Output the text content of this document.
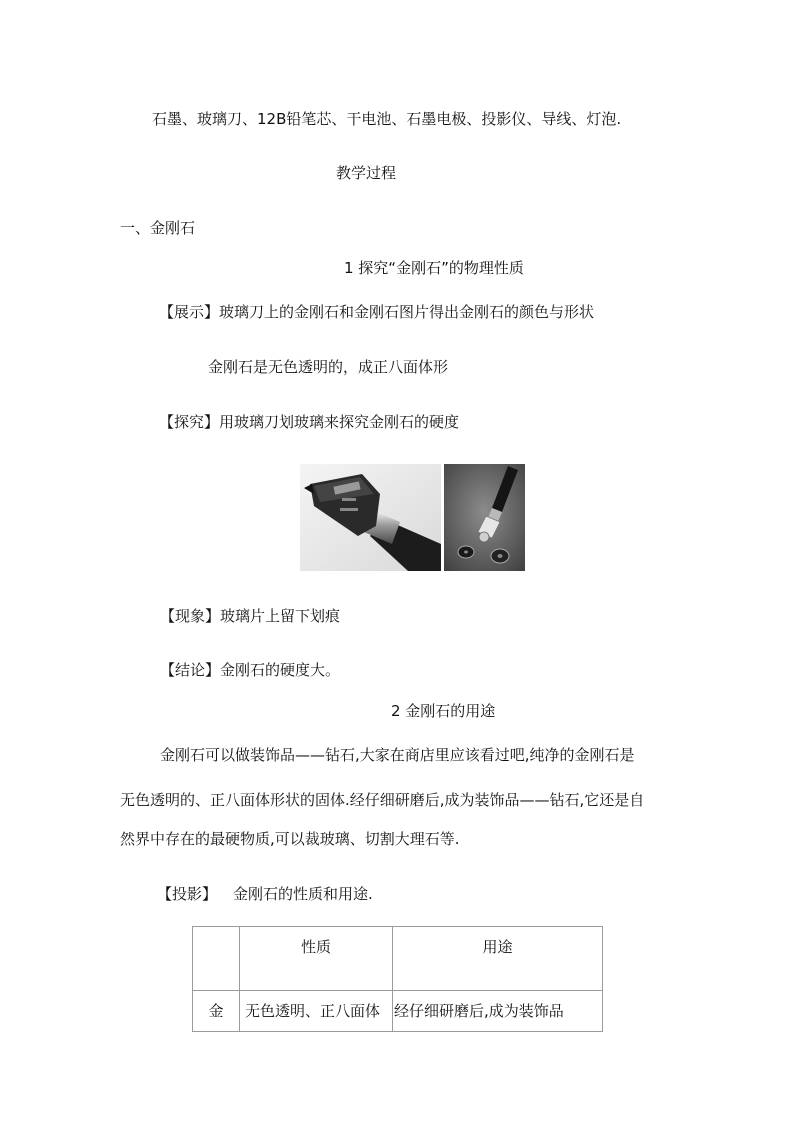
石墨、玻璃刀、12B铅笔芯、干电池、石墨电极、投影仪、导线、灯泡.
教学过程
一、金刚石
1 探究“金刚石”的物理性质
【展示】玻璃刀上的金刚石和金刚石图片得出金刚石的颜色与形状
金刚石是无色透明的，成正八面体形
【探究】用玻璃刀划玻璃来探究金刚石的硬度
【现象】玻璃片上留下划痕
【结论】金刚石的硬度大。
2 金刚石的用途
金刚石可以做装饰品——钻石,大家在商店里应该看过吧,纯净的金刚石是
无色透明的、正八面体形状的固体.经仔细研磨后,成为装饰品——钻石,它还是自
然界中存在的最硬物质,可以裁玻璃、切割大理石等.
【投影】 金刚石的性质和用途.
	性质	用途
金	无色透明、正八面体	经仔细研磨后,成为装饰品
